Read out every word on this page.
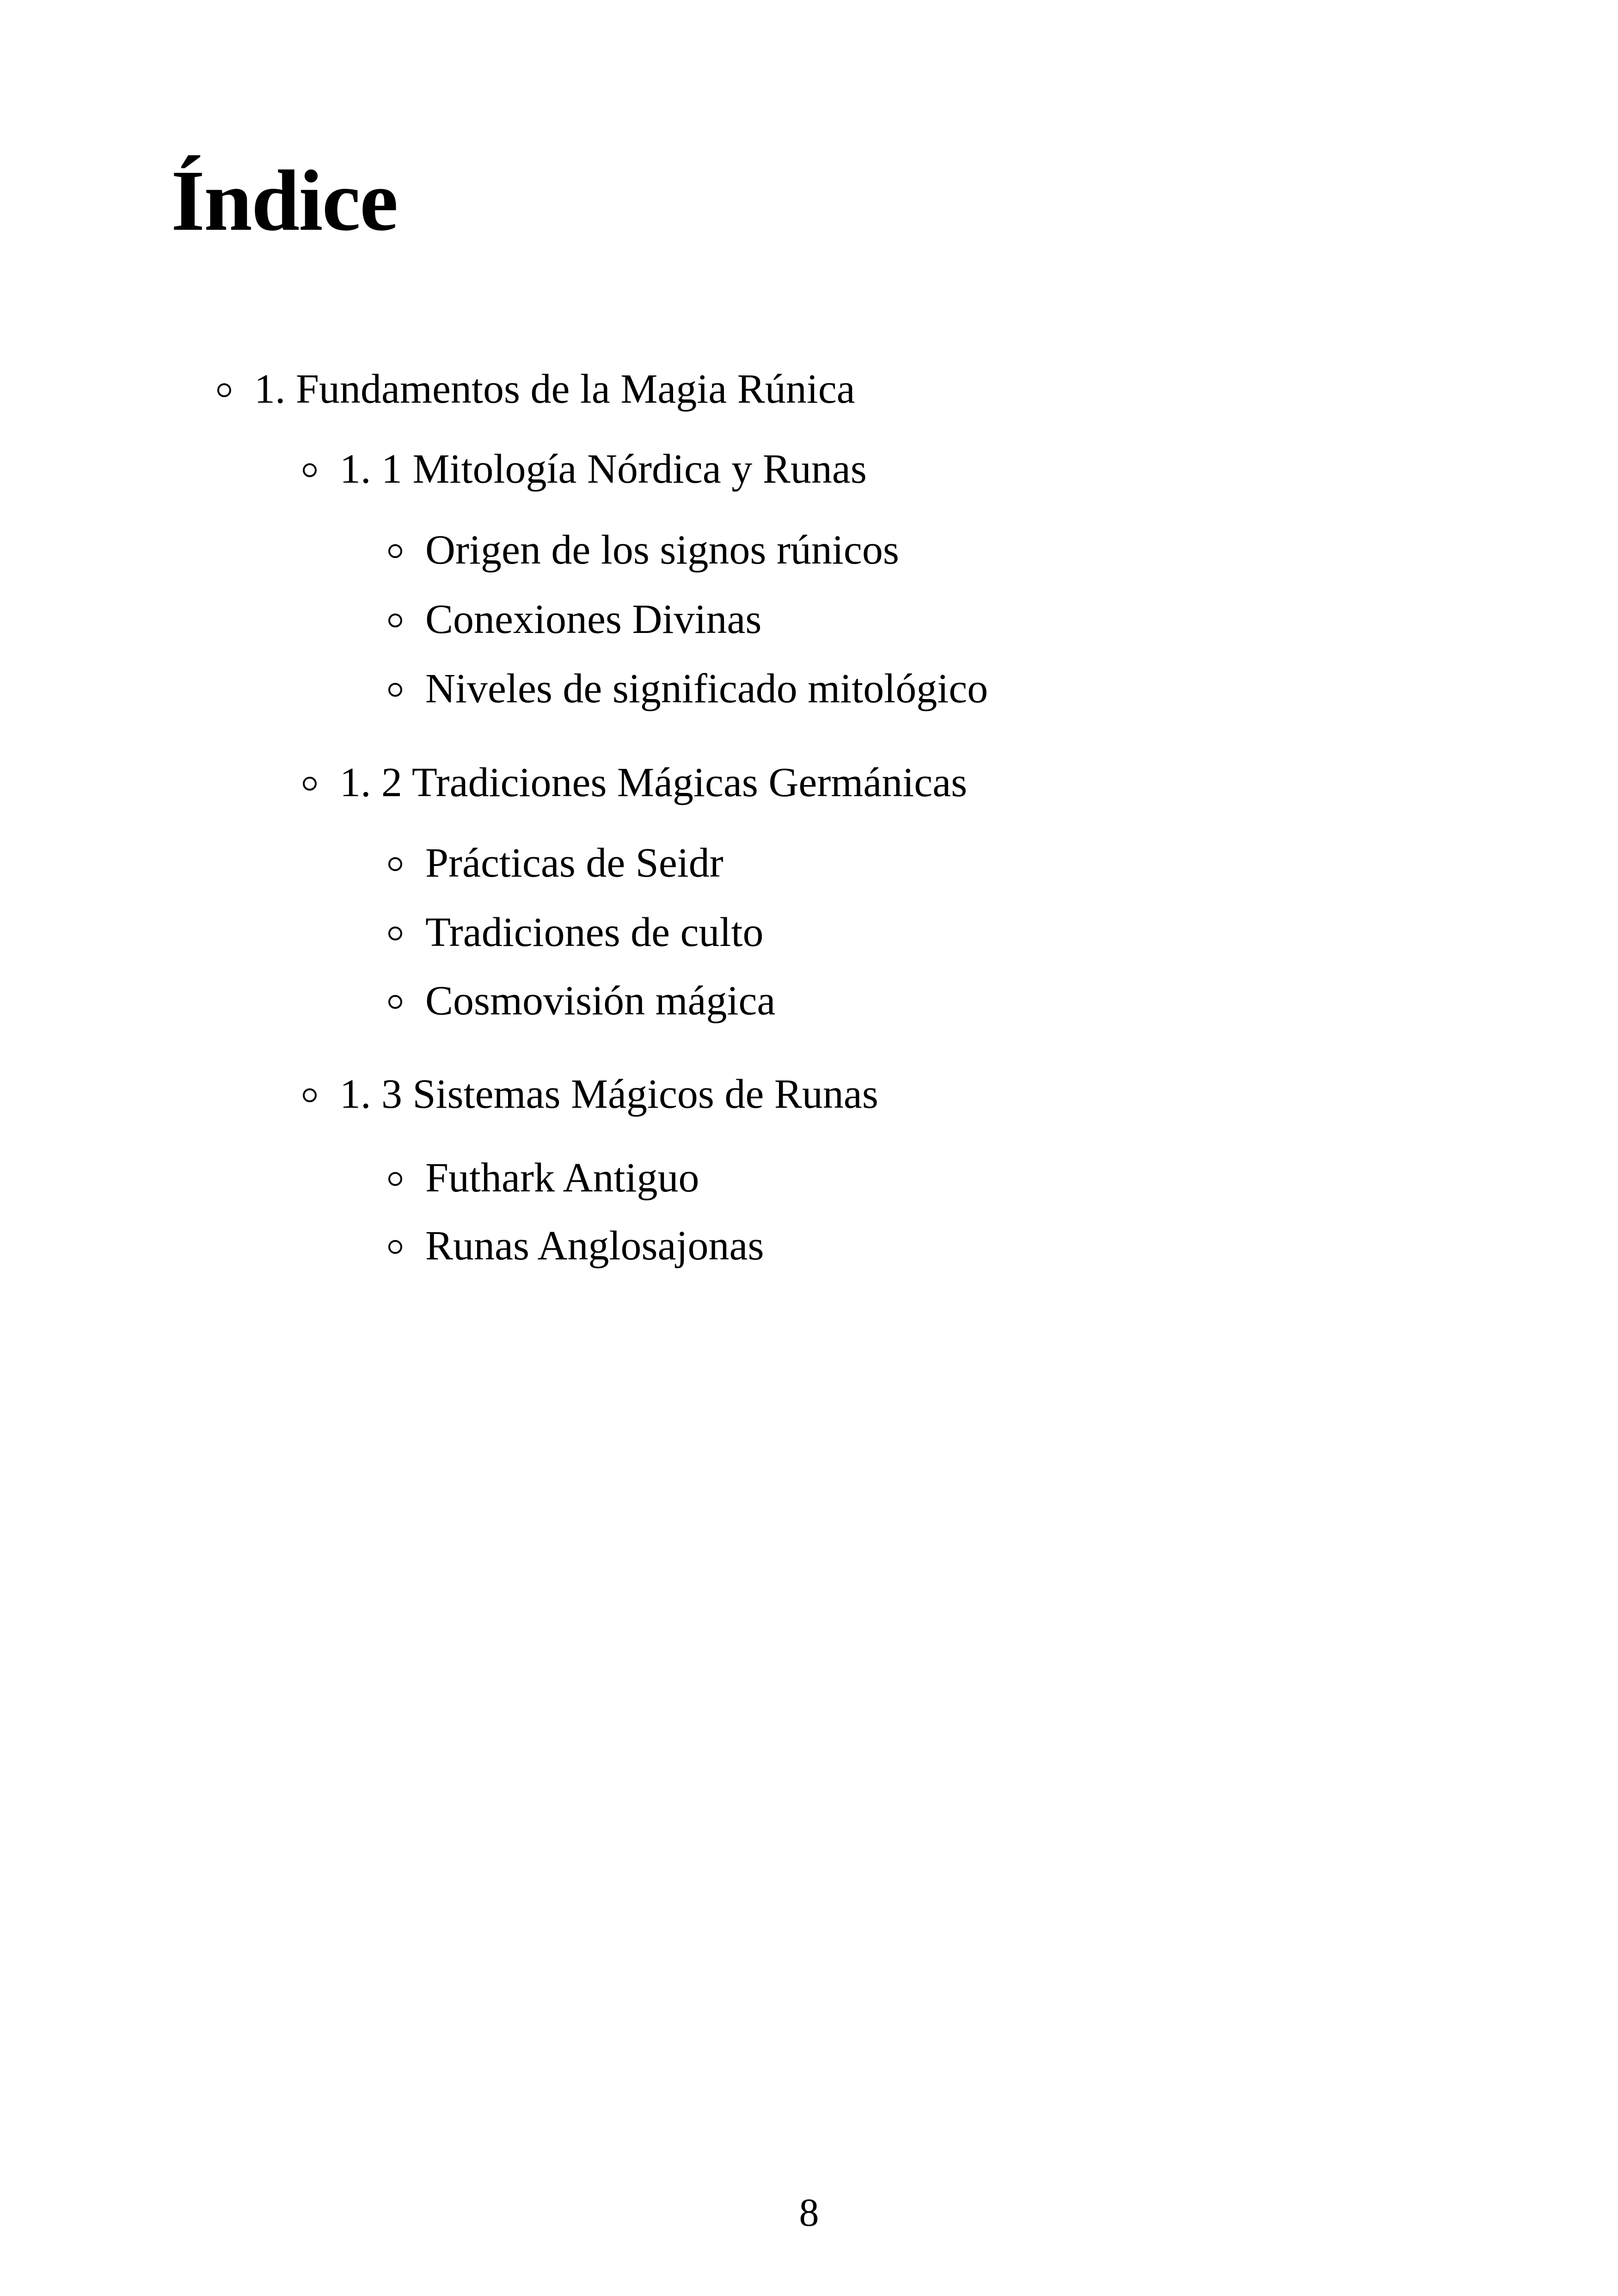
Índice
1. Fundamentos de la Magia Rúnica
1. 1 Mitología Nórdica y Runas
Origen de los signos rúnicos
Conexiones Divinas
Niveles de significado mitológico
1. 2 Tradiciones Mágicas Germánicas
Prácticas de Seidr
Tradiciones de culto
Cosmovisión mágica
1. 3 Sistemas Mágicos de Runas
Futhark Antiguo
Runas Anglosajonas
8
